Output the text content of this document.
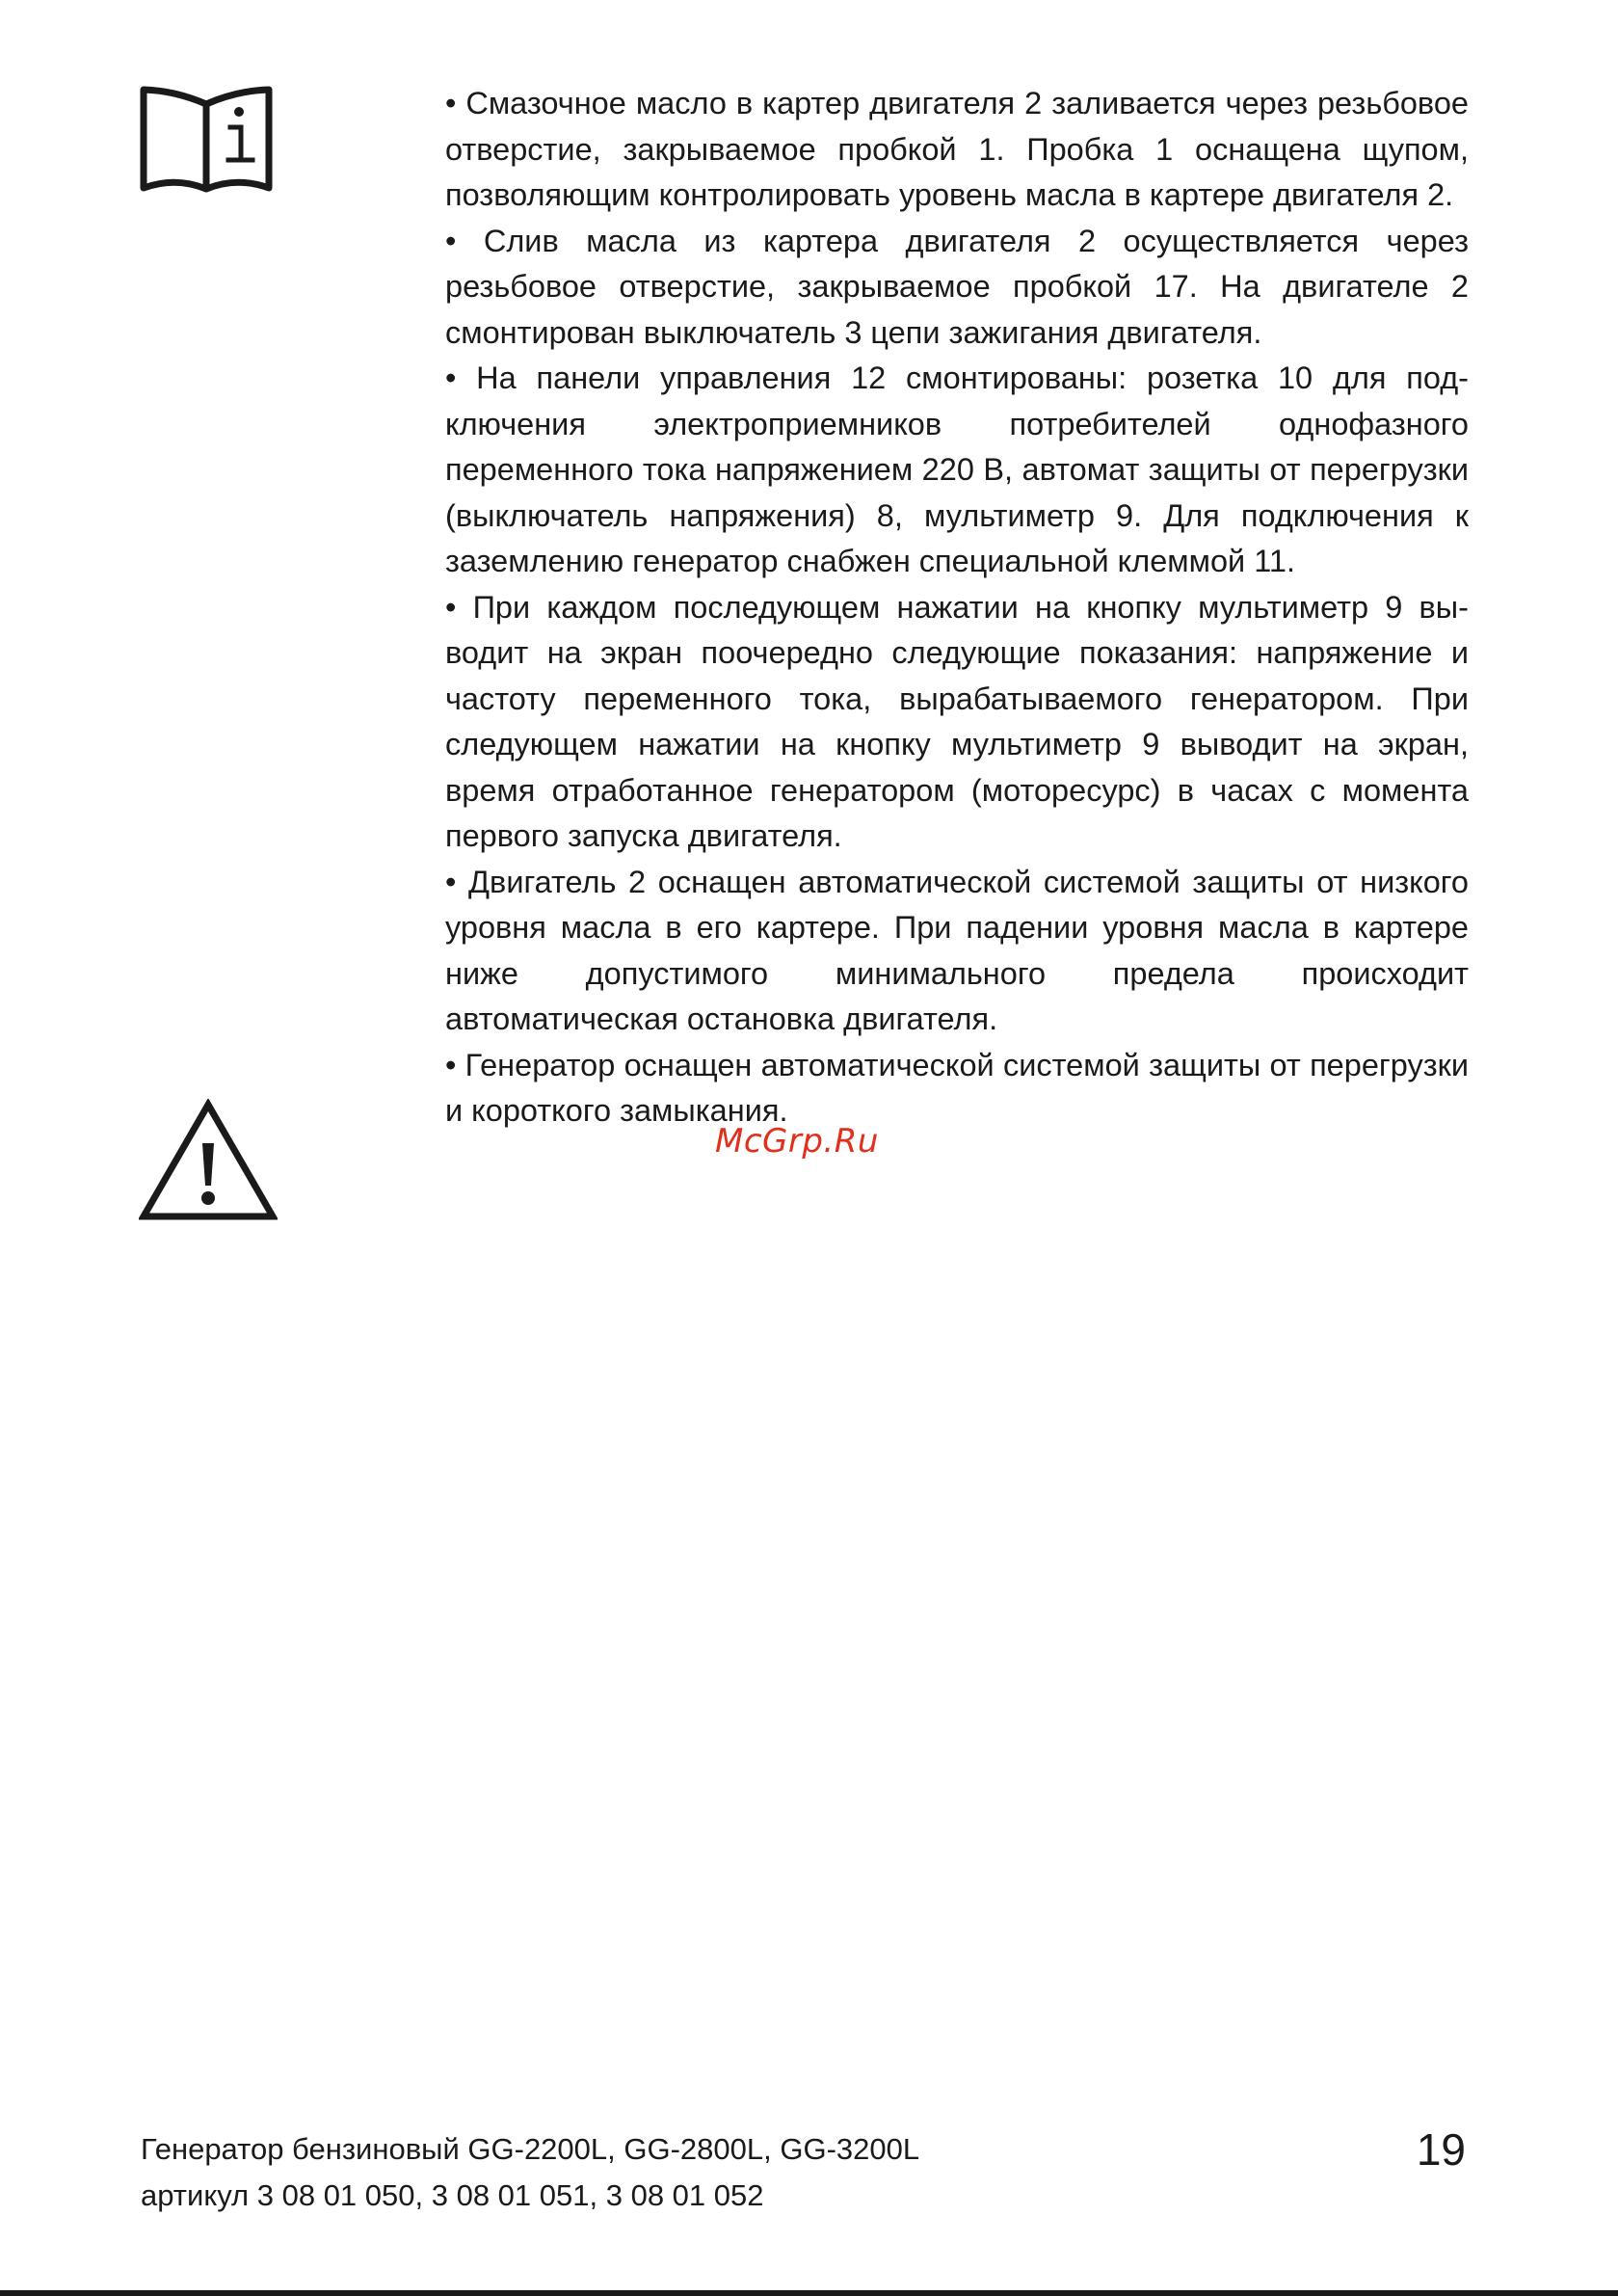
• Смазочное масло в картер двигателя 2 заливается через резьбовое отверстие, закрываемое пробкой 1. Пробка 1 оснащена щупом, позволяющим контролировать уровень масла в картере двигателя 2.

• Слив масла из картера двигателя 2 осуществляется через резьбовое отверстие, закрываемое пробкой 17. На двигателе 2 смонтирован выключатель 3 цепи зажигания двигателя.

• На панели управления 12 смонтированы: розетка 10 для подключения электроприемников потребителей однофазного переменного тока напряжением 220 В, автомат защиты от перегрузки (выключатель напряжения) 8, мультиметр 9. Для подключения к заземлению генератор снабжен специальной клеммой 11.

• При каждом последующем нажатии на кнопку мультиметр 9 выводит на экран поочередно следующие показания: напряжение и частоту переменного тока, вырабатываемого генератором. При следующем нажатии на кнопку мультиметр 9 выводит на экран, время отработанное генератором (моторесурс) в часах с момента первого запуска двигателя.

• Двигатель 2 оснащен автоматической системой защиты от низкого уровня масла в его картере. При падении уровня масла в картере ниже допустимого минимального предела происходит автоматическая остановка двигателя.

• Генератор оснащен автоматической системой защиты от перегрузки и короткого замыкания.

McGrp.Ru
Генератор бензиновый GG-2200L, GG-2800L, GG-3200L
артикул 3 08 01 050, 3 08 01 051, 3 08 01 052
19
